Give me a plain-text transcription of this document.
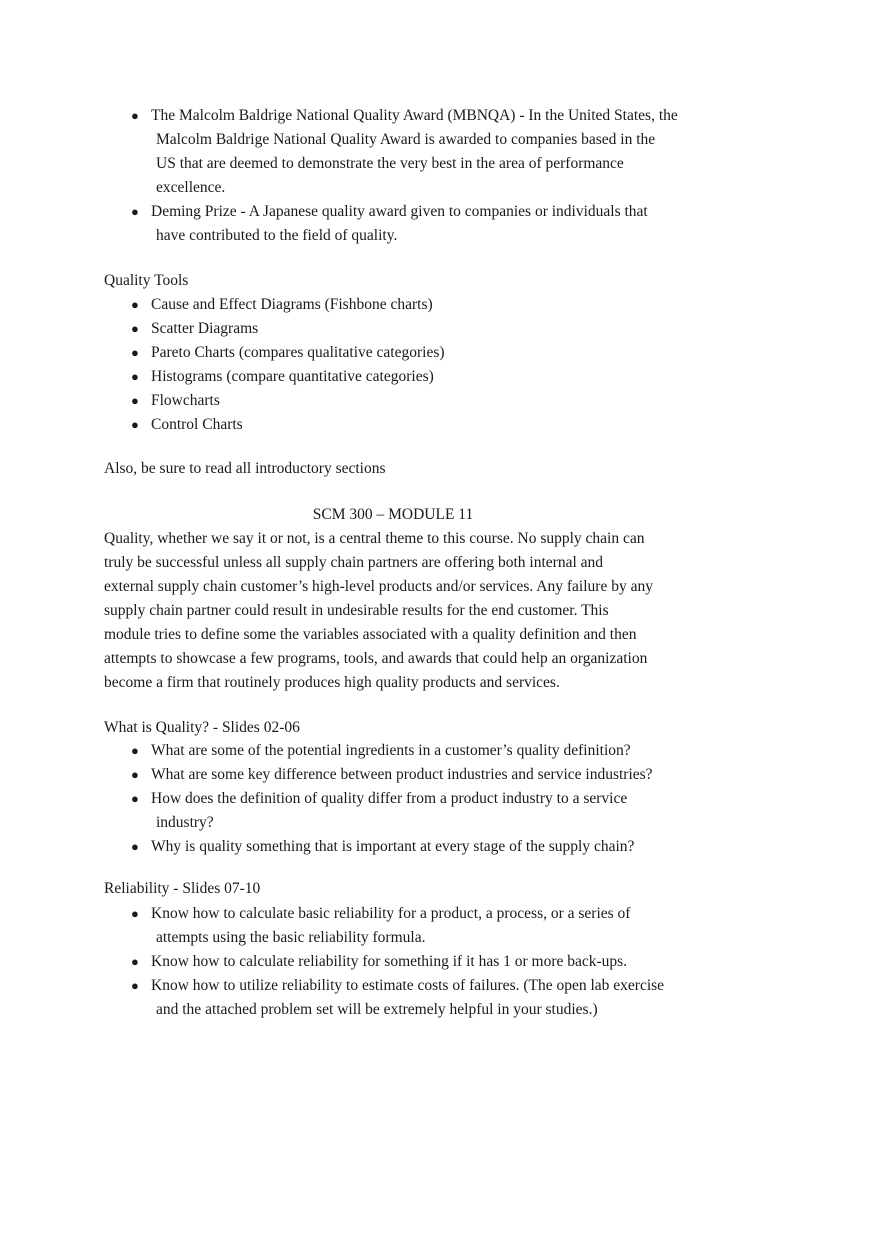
● The Malcolm Baldrige National Quality Award (MBNQA) - In the United States, the

Malcolm Baldrige National Quality Award is awarded to companies based in the

US that are deemed to demonstrate the very best in the area of performance

excellence.

● Deming Prize - A Japanese quality award given to companies or individuals that

have contributed to the field of quality.

Quality Tools

● Cause and Effect Diagrams (Fishbone charts)

● Scatter Diagrams

● Pareto Charts (compares qualitative categories)

● Histograms (compare quantitative categories)

● Flowcharts

● Control Charts

Also, be sure to read all introductory sections

SCM 300 – MODULE 11

Quality, whether we say it or not, is a central theme to this course. No supply chain can

truly be successful unless all supply chain partners are offering both internal and

external supply chain customer’s high-level products and/or services. Any failure by any

supply chain partner could result in undesirable results for the end customer. This

module tries to define some the variables associated with a quality definition and then

attempts to showcase a few programs, tools, and awards that could help an organization

become a firm that routinely produces high quality products and services.

What is Quality? - Slides 02-06

● What are some of the potential ingredients in a customer’s quality definition?

● What are some key difference between product industries and service industries?

● How does the definition of quality differ from a product industry to a service

industry?

● Why is quality something that is important at every stage of the supply chain?

Reliability - Slides 07-10

● Know how to calculate basic reliability for a product, a process, or a series of

attempts using the basic reliability formula.

● Know how to calculate reliability for something if it has 1 or more back-ups.

● Know how to utilize reliability to estimate costs of failures. (The open lab exercise

and the attached problem set will be extremely helpful in your studies.)
